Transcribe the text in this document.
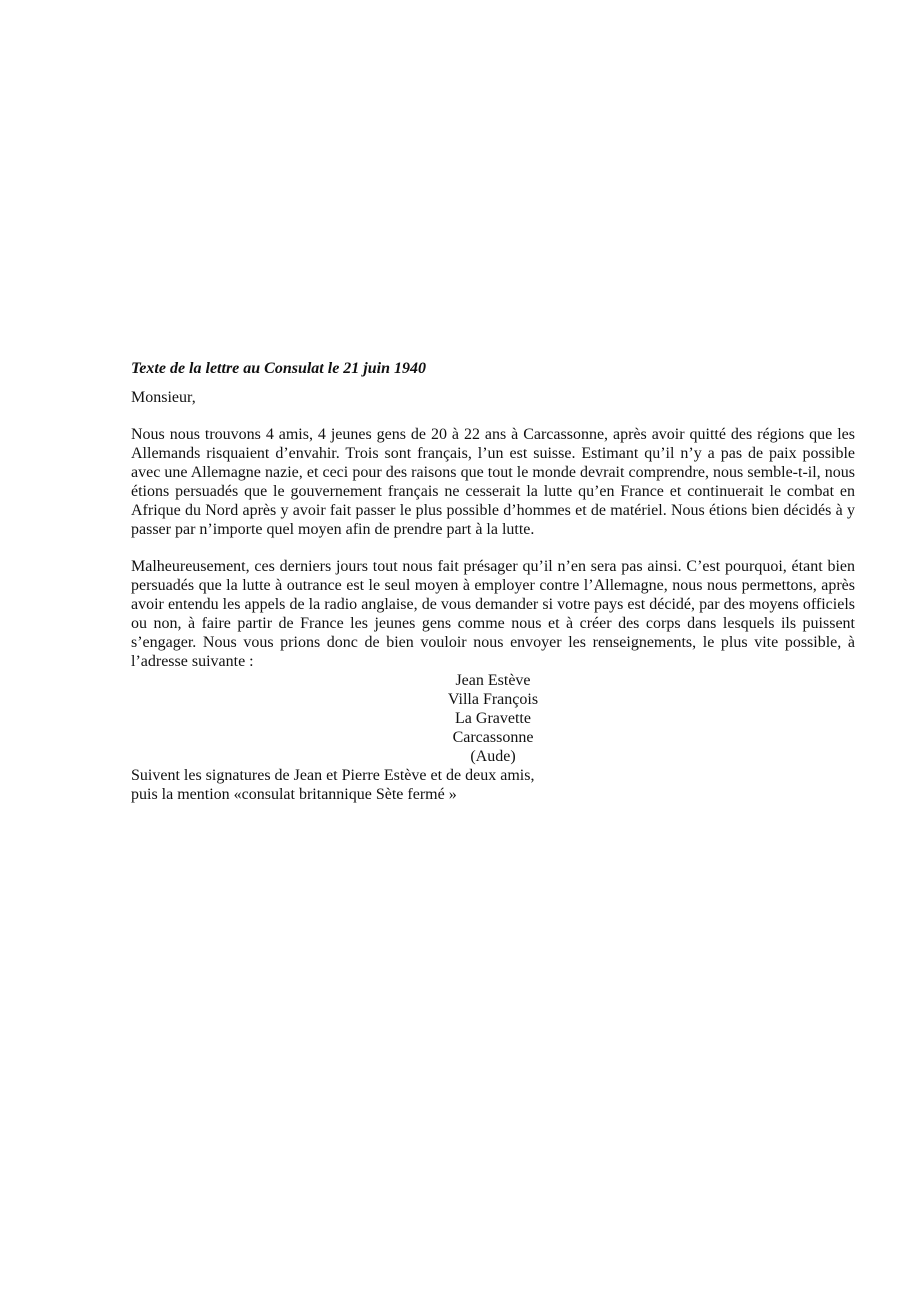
Texte de la lettre au Consulat le 21 juin 1940

Monsieur,

Nous nous trouvons 4 amis, 4 jeunes gens de 20 à 22 ans à Carcassonne, après avoir quitté des régions que les Allemands risquaient d’envahir. Trois sont français, l’un est suisse. Estimant qu’il n’y a pas de paix possible avec une Allemagne nazie, et ceci pour des raisons que tout le monde devrait comprendre, nous semble-t-il, nous étions persuadés que le gouvernement français ne cesserait la lutte qu’en France et continuerait le combat en Afrique du Nord après y avoir fait passer le plus possible d’hommes et de matériel. Nous étions bien décidés à y passer par n’importe quel moyen afin de prendre part à la lutte.

Malheureusement, ces derniers jours tout nous fait présager qu’il n’en sera pas ainsi. C’est pourquoi, étant bien persuadés que la lutte à outrance est le seul moyen à employer contre l’Allemagne, nous nous permettons, après avoir entendu les appels de la radio anglaise, de vous demander si votre pays est décidé, par des moyens officiels ou non, à faire partir de France les jeunes gens comme nous et à créer des corps dans lesquels ils puissent s’engager. Nous vous prions donc de bien vouloir nous envoyer les renseignements, le plus vite possible, à l’adresse suivante :

Jean Estève
Villa François
La Gravette
Carcassonne
(Aude)

Suivent les signatures de Jean et Pierre Estève et de deux amis,

puis la mention «consulat britannique Sète fermé »
